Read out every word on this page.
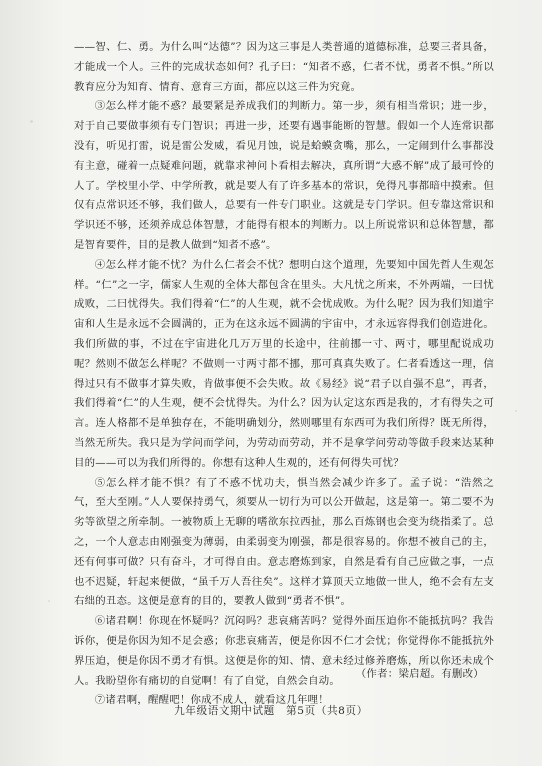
——智、仁、勇。为什么叫“达德”？因为这三事是人类普通的道德标准，总要三者具备，才能成一个人。三件的完成状态如何？孔子曰：“知者不惑，仁者不忧，勇者不惧。”所以教育应分为知育、情育、意育三方面，都应以这三件为究竟。

③怎么样才能不惑？最要紧是养成我们的判断力。第一步，须有相当常识；进一步，对于自己要做事须有专门智识；再进一步，还要有遇事能断的智慧。假如一个人连常识都没有，听见打雷，说是雷公发威，看见月蚀，说是蛤蟆贪嘴，那么，一定闹到什么事都没有主意，碰着一点疑难问题，就靠求神问卜看相去解决，真所谓“大惑不解”成了最可怜的人了。学校里小学、中学所教，就是要人有了许多基本的常识，免得凡事都暗中摸索。但仅有点常识还不够，我们做人，总要有一件专门职业。这就是专门学识。但专靠这常识和学识还不够，还须养成总体智慧，才能得有根本的判断力。以上所说常识和总体智慧，都是智育要件，目的是教人做到“知者不惑”。

④怎么样才能不忧？为什么仁者会不忧？想明白这个道理，先要知中国先哲人生观怎样。“仁”之一字，儒家人生观的全体大都包含在里头。大凡忧之所来，不外两端，一曰忧成败，二曰忧得失。我们得着“仁”的人生观，就不会忧成败。为什么呢？因为我们知道宇宙和人生是永远不会圆满的，正为在这永远不圆满的宇宙中，才永远容得我们创造进化。我们所做的事，不过在宇宙进化几万万里的长途中，往前挪一寸、两寸，哪里配说成功呢？然则不做怎么样呢？不做则一寸两寸都不挪，那可真真失败了。仁者看透这一理，信得过只有不做事才算失败，肯做事便不会失败。故《易经》说“君子以自强不息”，再者，我们得着“仁”的人生观，便不会忧得失。为什么？因为认定这东西是我的，才有得失之可言。连人格都不是单独存在，不能明确划分，然则哪里有东西可为我们所得？既无所得，当然无所失。我只是为学问而学问，为劳动而劳动，并不是拿学问劳动等做手段来达某种目的——可以为我们所得的。你想有这种人生观的，还有何得失可忧？

⑤怎么样才能不惧？有了不惑不忧功夫，惧当然会减少许多了。孟子说：“浩然之气，至大至刚。”人人要保持勇气，须要从一切行为可以公开做起，这是第一。第二要不为劣等欲望之所牵制。一被物质上无聊的嗜欲东拉西扯，那么百炼钢也会变为绕指柔了。总之，一个人意志由刚强变为薄弱，由柔弱变为刚强，都是很容易的。你想不被自己的主，还有何事可做？只有奋斗，才可得自由。意志磨炼到家，自然是看有自己应做之事，一点也不迟疑，轩起来便做，“虽千万人吾往矣”。这样才算顶天立地做一世人，绝不会有左支右绌的丑态。这便是意育的目的，要教人做到“勇者不惧”。

⑥诸君啊！你现在怀疑吗？沉闷吗？悲哀痛苦吗？觉得外面压迫你不能抵抗吗？我告诉你，便是你因为知不足会惑；你悲哀痛苦，便是你因不仁才会忧；你觉得你不能抵抗外界压迫，便是你因不勇才有惧。这便是你的知、情、意未经过修养磨炼，所以你还未成个人。我盼望你有痛切的自觉啊！有了自觉，自然会自动。

⑦诸君啊，醒醒吧！你成不成人，就看这几年哩！

（作者：梁启超。有删改）
九年级语文期中试题　第5页（共8页）
